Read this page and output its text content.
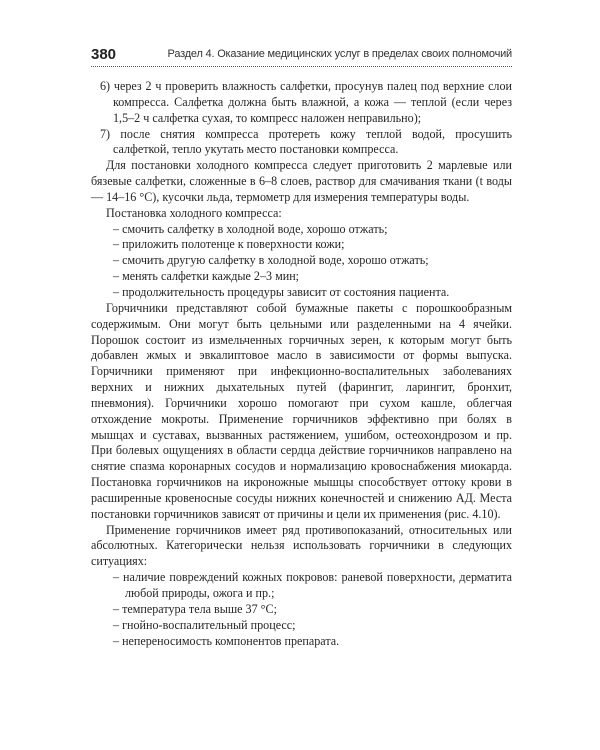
380	Раздел 4. Оказание медицинских услуг в пределах своих полномочий

6) через 2 ч проверить влажность салфетки, просунув палец под верхние слои компресса. Салфетка должна быть влажной, а кожа — теплой (если через 1,5–2 ч салфетка сухая, то компресс наложен неправильно);

7) после снятия компресса протереть кожу теплой водой, просушить салфеткой, тепло укутать место постановки компресса.

Для постановки холодного компресса следует приготовить 2 марлевые или бязевые салфетки, сложенные в 6–8 слоев, раствор для смачивания ткани (t воды — 14–16 °С), кусочки льда, термометр для измерения температуры воды.

Постановка холодного компресса:

– смочить салфетку в холодной воде, хорошо отжать;

– приложить полотенце к поверхности кожи;

– смочить другую салфетку в холодной воде, хорошо отжать;

– менять салфетки каждые 2–3 мин;

– продолжительность процедуры зависит от состояния пациента.

Горчичники представляют собой бумажные пакеты с порошкообразным содержимым. Они могут быть цельными или разделенными на 4 ячейки. Порошок состоит из измельченных горчичных зерен, к которым могут быть добавлен жмых и эвкалиптовое масло в зависимости от формы выпуска. Горчичники применяют при инфекционно-воспалительных заболеваниях верхних и нижних дыхательных путей (фарингит, ларингит, бронхит, пневмония). Горчичники хорошо помогают при сухом кашле, облегчая отхождение мокроты. Применение горчичников эффективно при болях в мышцах и суставах, вызванных растяжением, ушибом, остеохондрозом и пр. При болевых ощущениях в области сердца действие горчичников направлено на снятие спазма коронарных сосудов и нормализацию кровоснабжения миокарда. Постановка горчичников на икроножные мышцы способствует оттоку крови в расширенные кровеносные сосуды нижних конечностей и снижению АД. Места постановки горчичников зависят от причины и цели их применения (рис. 4.10).

Применение горчичников имеет ряд противопоказаний, относительных или абсолютных. Категорически нельзя использовать горчичники в следующих ситуациях:

– наличие повреждений кожных покровов: раневой поверхности, дерматита любой природы, ожога и пр.;

– температура тела выше 37 °С;

– гнойно-воспалительный процесс;

– непереносимость компонентов препарата.
